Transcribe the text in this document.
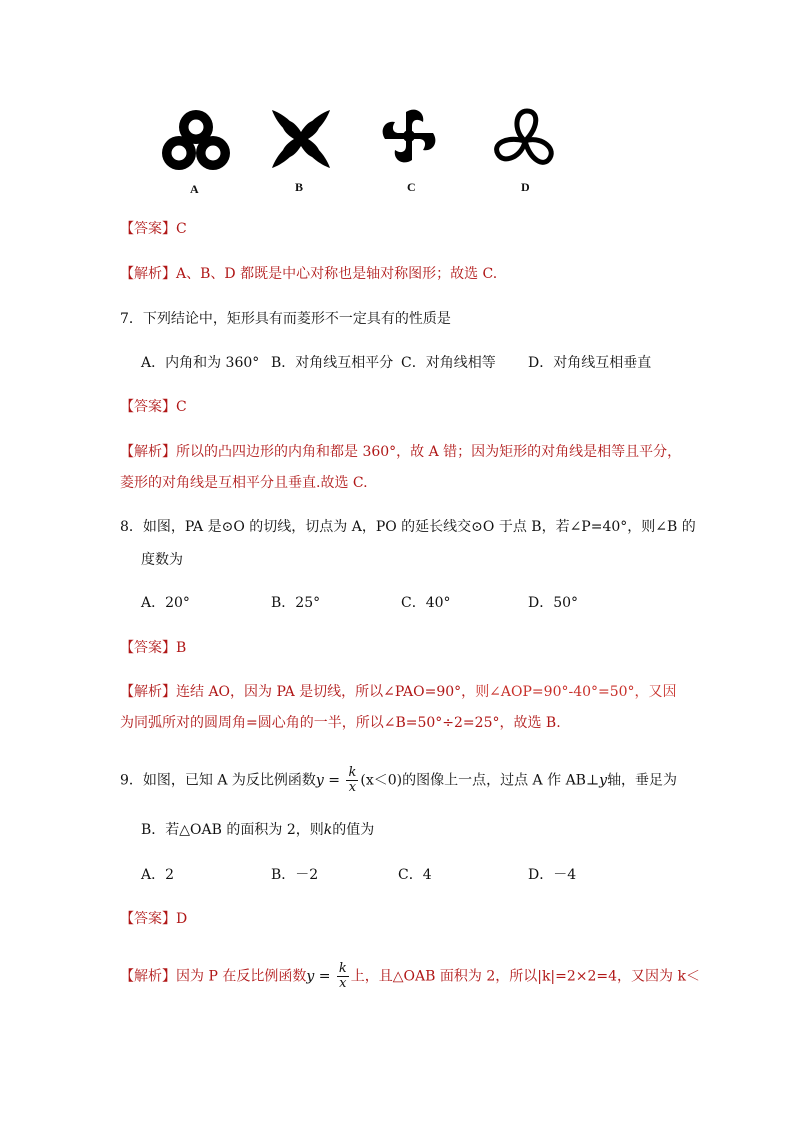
A	B	C	D
【答案】C
【解析】A、B、D 都既是中心对称也是轴对称图形；故选 C.
7．下列结论中，矩形具有而菱形不一定具有的性质是
A．内角和为 360° B．对角线互相平分 C．对角线相等 D．对角线互相垂直
【答案】C
【解析】所以的凸四边形的内角和都是 360°，故 A 错；因为矩形的对角线是相等且平分，
菱形的对角线是互相平分且垂直.故选 C.
8．如图，PA 是⊙O 的切线，切点为 A，PO 的延长线交⊙O 于点 B，若∠P=40°，则∠B 的
度数为
A．20°	B．25°	C．40°	D．50°
【答案】B
【解析】连结 AO，因为 PA 是切线，所以∠PAO=90°，则∠AOP=90°-40°=50°，又因
为同弧所对的圆周角=圆心角的一半，所以∠B=50°÷2=25°，故选 B.
9．如图，已知 A 为反比例函数$y = \frac{k}{x} (x<0)$的图像上一点，过点 A 作 AB⊥y轴，垂足为
B．若△OAB 的面积为 2，则k的值为
A．2	B．－2	C．4	D．－4
【答案】D
【解析】因为 P 在反比例函数$y = \frac{k}{x}$ 上，且△OAB 面积为 2，所以|k|=2×2=4，又因为 k＜
